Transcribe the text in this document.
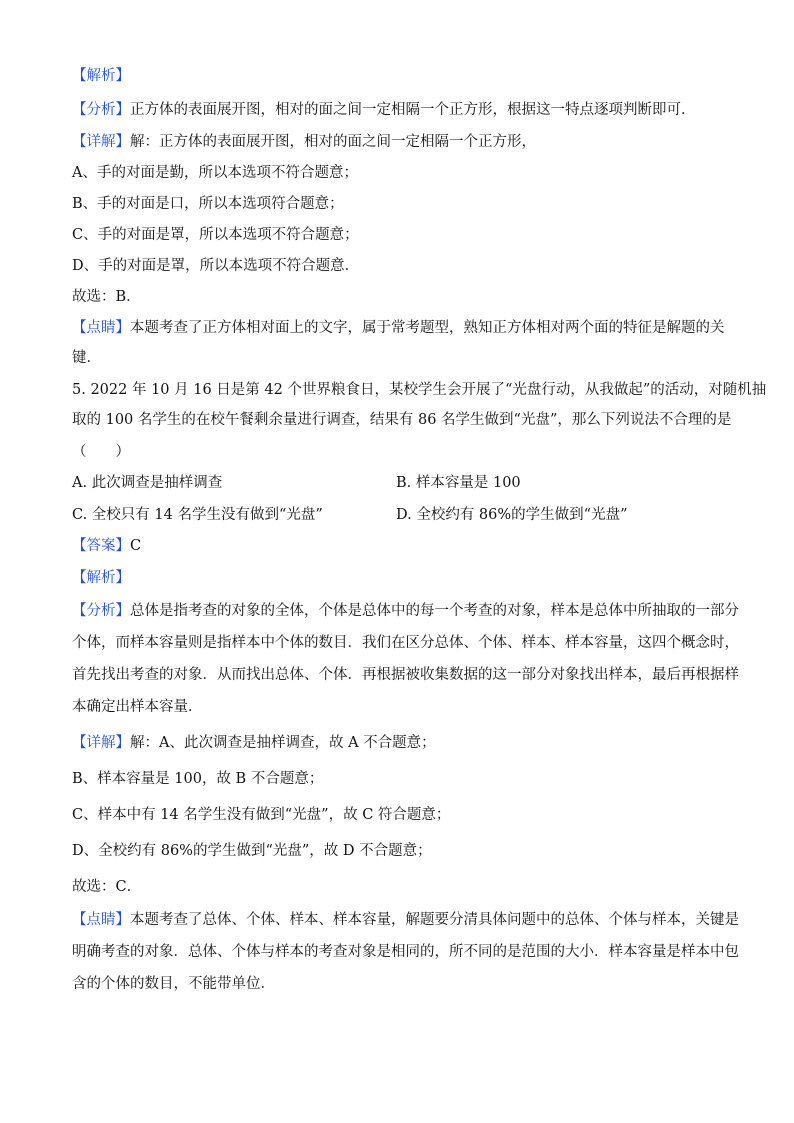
【解析】
【分析】正方体的表面展开图，相对的面之间一定相隔一个正方形，根据这一特点逐项判断即可．
【详解】解：正方体的表面展开图，相对的面之间一定相隔一个正方形，
A、手的对面是勤，所以本选项不符合题意；
B、手的对面是口，所以本选项符合题意；
C、手的对面是罩，所以本选项不符合题意；
D、手的对面是罩，所以本选项不符合题意．
故选：B．
【点睛】本题考查了正方体相对面上的文字，属于常考题型，熟知正方体相对两个面的特征是解题的关
键．
5. 2022 年 10 月 16 日是第 42 个世界粮食日，某校学生会开展了“光盘行动，从我做起”的活动，对随机抽
取的 100 名学生的在校午餐剩余量进行调查，结果有 86 名学生做到“光盘”，那么下列说法不合理的是
（　　）
A. 此次调查是抽样调查	B. 样本容量是 100
C. 全校只有 14 名学生没有做到“光盘”	D. 全校约有 86%的学生做到“光盘”
【答案】C
【解析】
【分析】总体是指考查的对象的全体，个体是总体中的每一个考查的对象，样本是总体中所抽取的一部分
个体，而样本容量则是指样本中个体的数目．我们在区分总体、个体、样本、样本容量，这四个概念时，
首先找出考查的对象．从而找出总体、个体．再根据被收集数据的这一部分对象找出样本，最后再根据样
本确定出样本容量．
【详解】解：A、此次调查是抽样调查，故 A 不合题意；
B、样本容量是 100，故 B 不合题意；
C、样本中有 14 名学生没有做到“光盘”，故 C 符合题意；
D、全校约有 86%的学生做到“光盘”，故 D 不合题意；
故选：C．
【点睛】本题考查了总体、个体、样本、样本容量，解题要分清具体问题中的总体、个体与样本，关键是
明确考查的对象．总体、个体与样本的考查对象是相同的，所不同的是范围的大小．样本容量是样本中包
含的个体的数目，不能带单位．
